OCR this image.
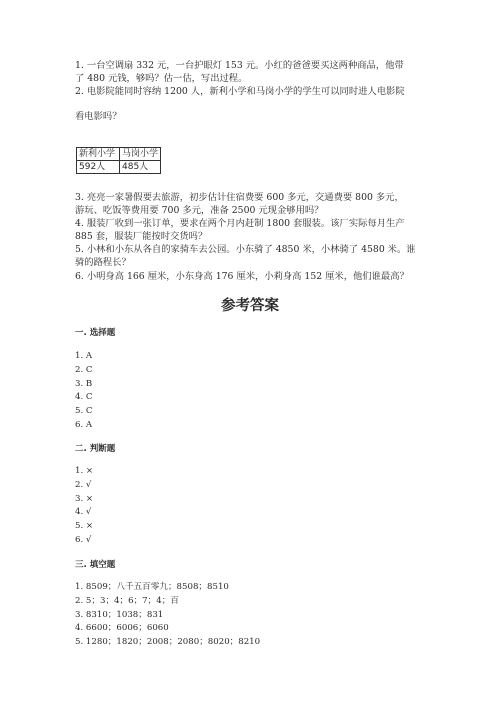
1. 一台空调扇 332 元，一台护眼灯 153 元。小红的爸爸要买这两种商品，他带

了 480 元钱，够吗？估一估，写出过程。

2. 电影院能同时容纳 1200 人，新利小学和马岗小学的学生可以同时进人电影院

看电影吗？

新利小学	马岗小学
592人	485人

3. 亮亮一家暑假要去旅游，初步估计住宿费要 600 多元，交通费要 800 多元，

游玩、吃饭等费用要 700 多元，准备 2500 元现金够用吗？

4. 服装厂收到一张订单，要求在两个月内赶制 1800 套服装。该厂实际每月生产

885 套，服装厂能按时交货吗？

5. 小林和小东从各自的家骑车去公园。小东骑了 4850 米，小林骑了 4580 米。谁

骑的路程长？

6. 小明身高 166 厘米，小东身高 176 厘米，小莉身高 152 厘米，他们谁最高？

参考答案
一. 选择题
1. A
2. C
3. B
4. C
5. C
6. A
二. 判断题
1. ×
2. √
3. ×
4. √
5. ×
6. √
三. 填空题
1. 8509；八千五百零九；8508；8510
2. 5；3；4；6；7；4；百
3. 8310；1038；831
4. 6600；6006；6060
5. 1280；1820；2008；2080；8020；8210
